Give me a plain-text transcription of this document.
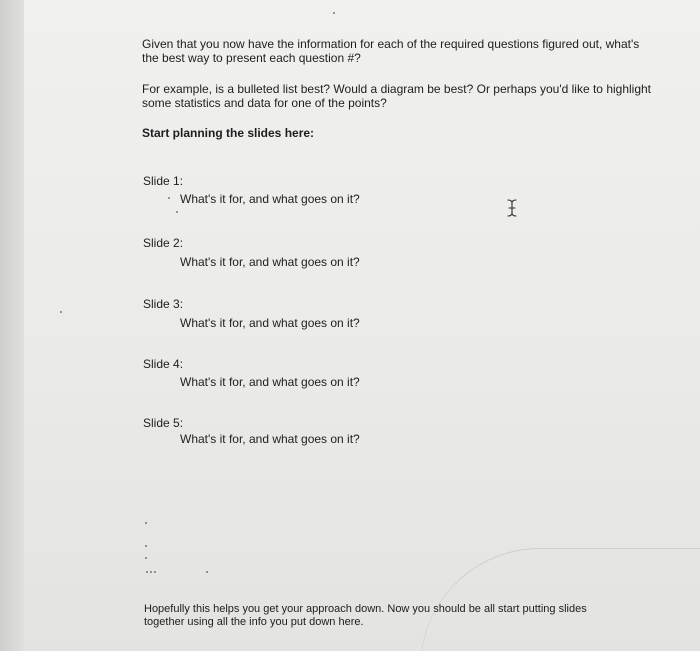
Given that you now have the information for each of the required questions figured out, what's the best way to present each question #?
For example, is a bulleted list best? Would a diagram be best? Or perhaps you'd like to highlight some statistics and data for one of the points?
Start planning the slides here:
Slide 1:
What's it for, and what goes on it?
Slide 2:
What's it for, and what goes on it?
Slide 3:
What's it for, and what goes on it?
Slide 4:
What's it for, and what goes on it?
Slide 5:
What's it for, and what goes on it?
Hopefully this helps you get your approach down. Now you should be all start putting slides together using all the info you put down here.
